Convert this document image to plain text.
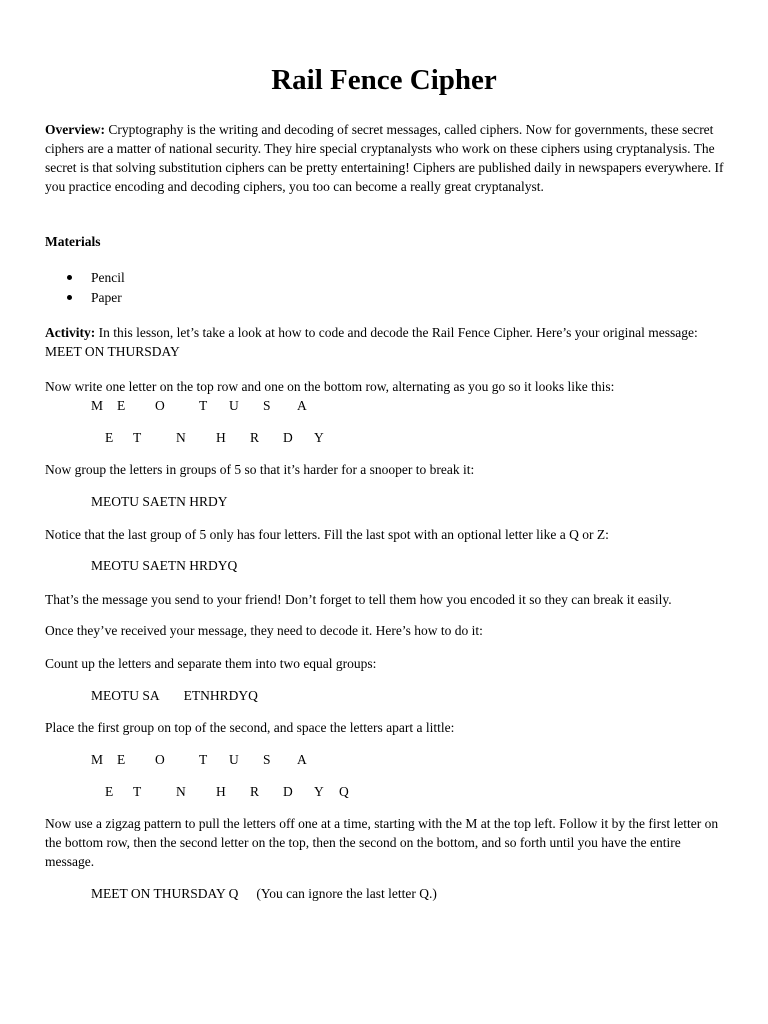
Rail Fence Cipher

Overview: Cryptography is the writing and decoding of secret messages, called ciphers. Now for governments, these secret ciphers are a matter of national security. They hire special cryptanalysts who work on these ciphers using cryptanalysis. The secret is that solving substitution ciphers can be pretty entertaining! Ciphers are published daily in newspapers everywhere. If you practice encoding and decoding ciphers, you too can become a really great cryptanalyst.

Materials

Pencil
Paper

Activity: In this lesson, let’s take a look at how to code and decode the Rail Fence Cipher. Here’s your original message: MEET ON THURSDAY

Now write one letter on the top row and one on the bottom row, alternating as you go so it looks like this:

M E O	T U S A
E T	N H R D Y

Now group the letters in groups of 5 so that it’s harder for a snooper to break it:

MEOTU SAETN HRDY

Notice that the last group of 5 only has four letters. Fill the last spot with an optional letter like a Q or Z:

MEOTU SAETN HRDYQ

That’s the message you send to your friend! Don’t forget to tell them how you encoded it so they can break it easily.

Once they’ve received your message, they need to decode it. Here’s how to do it:

Count up the letters and separate them into two equal groups:

MEOTU SA ETNHRDYQ

Place the first group on top of the second, and space the letters apart a little:

M E O	T U S A
E T	N H R D Y Q

Now use a zigzag pattern to pull the letters off one at a time, starting with the M at the top left. Follow it by the first letter on the bottom row, then the second letter on the top, then the second on the bottom, and so forth until you have the entire message.

MEET ON THURSDAY Q (You can ignore the last letter Q.)
